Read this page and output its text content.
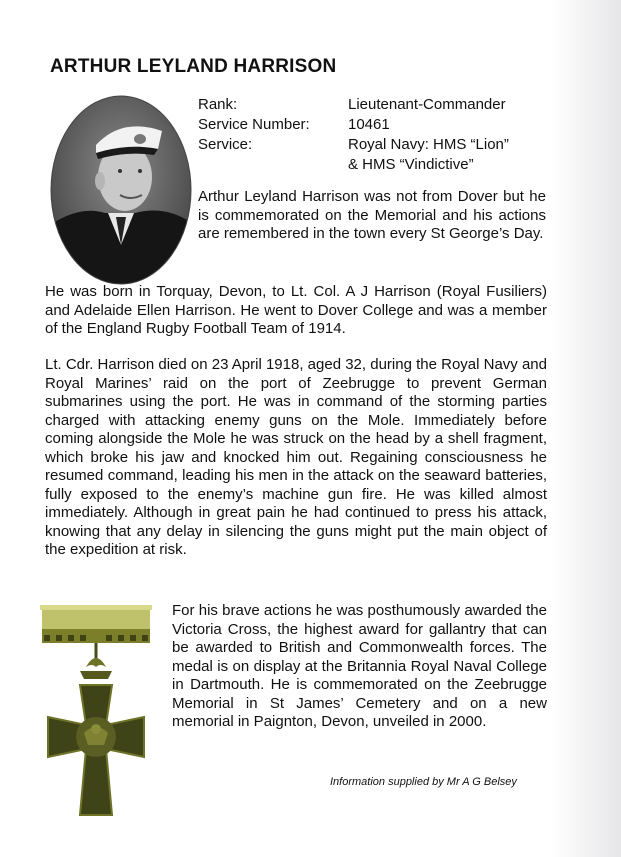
ARTHUR LEYLAND HARRISON
Rank:	Lieutenant-Commander
Service Number:	10461
Service:	Royal Navy: HMS “Lion”
& HMS “Vindictive”

Arthur Leyland Harrison was not from Dover but he is commemorated on the Memorial and his actions are remembered in the town every St George’s Day.

He was born in Torquay, Devon, to Lt. Col. A J Harrison (Royal Fusiliers) and Adelaide Ellen Harrison. He went to Dover College and was a member of the England Rugby Football Team of 1914.

Lt. Cdr. Harrison died on 23 April 1918, aged 32, during the Royal Navy and Royal Marines’ raid on the port of Zeebrugge to prevent German submarines using the port. He was in command of the storming parties charged with attacking enemy guns on the Mole. Immediately before coming alongside the Mole he was struck on the head by a shell fragment, which broke his jaw and knocked him out. Regaining consciousness he resumed command, leading his men in the attack on the seaward batteries, fully exposed to the enemy’s machine gun fire. He was killed almost immediately. Although in great pain he had continued to press his attack, knowing that any delay in silencing the guns might put the main object of the expedition at risk.

For his brave actions he was posthumously awarded the Victoria Cross, the highest award for gallantry that can be awarded to British and Commonwealth forces. The medal is on display at the Britannia Royal Naval College in Dartmouth. He is commemorated on the Zeebrugge Memorial in St James’ Cemetery and on a new memorial in Paignton, Devon, unveiled in 2000.

Information supplied by Mr A G Belsey
